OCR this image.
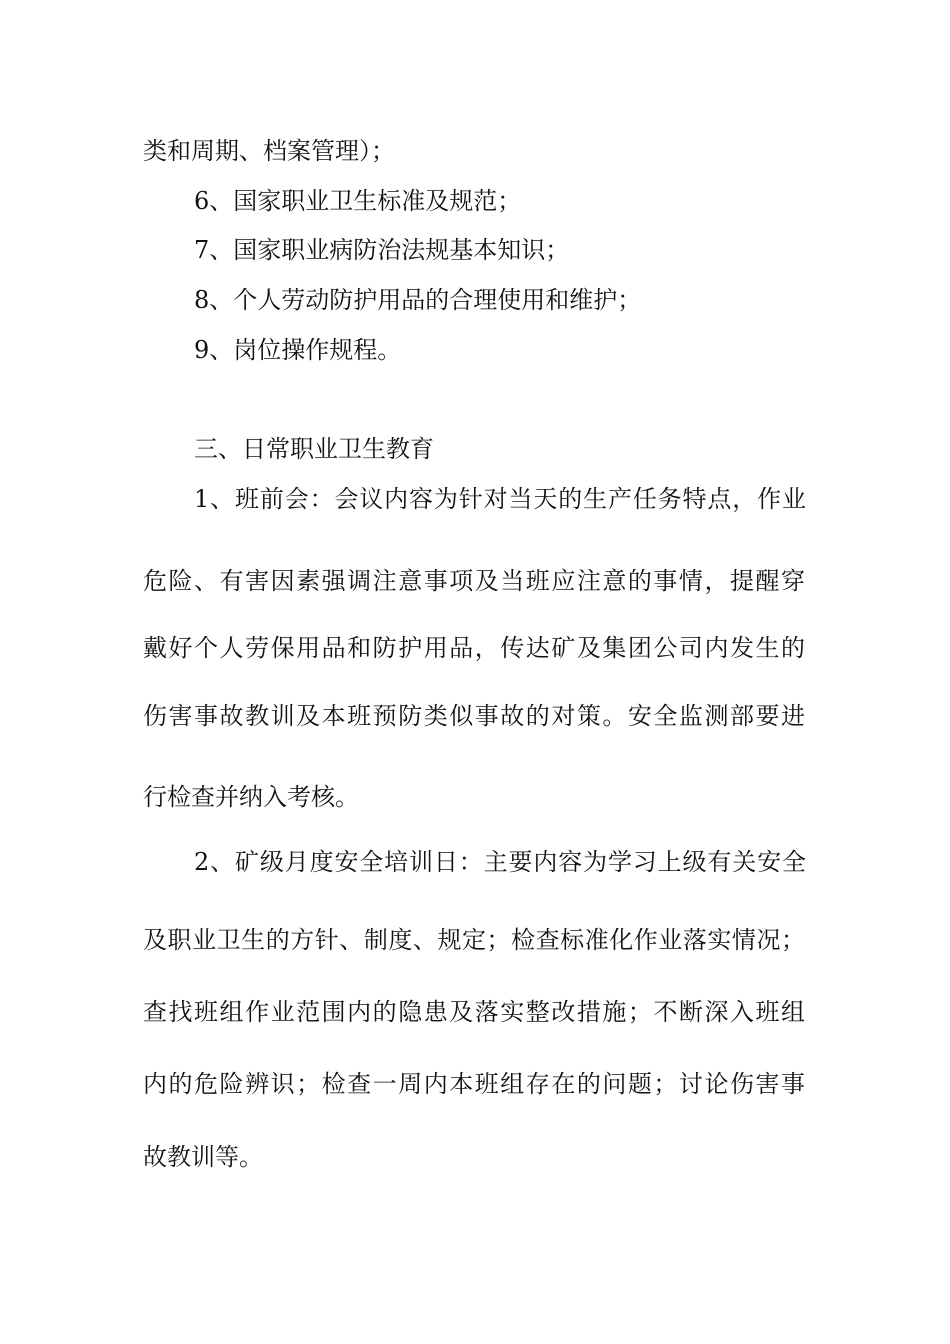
类和周期、档案管理）；
6、国家职业卫生标准及规范；
7、国家职业病防治法规基本知识；
8、个人劳动防护用品的合理使用和维护；
9、岗位操作规程。
三、日常职业卫生教育
1、班前会：会议内容为针对当天的生产任务特点，作业
危险、有害因素强调注意事项及当班应注意的事情，提醒穿
戴好个人劳保用品和防护用品，传达矿及集团公司内发生的
伤害事故教训及本班预防类似事故的对策。安全监测部要进
行检查并纳入考核。
2、矿级月度安全培训日：主要内容为学习上级有关安全
及职业卫生的方针、制度、规定；检查标准化作业落实情况；
查找班组作业范围内的隐患及落实整改措施；不断深入班组
内的危险辨识；检查一周内本班组存在的问题；讨论伤害事
故教训等。
